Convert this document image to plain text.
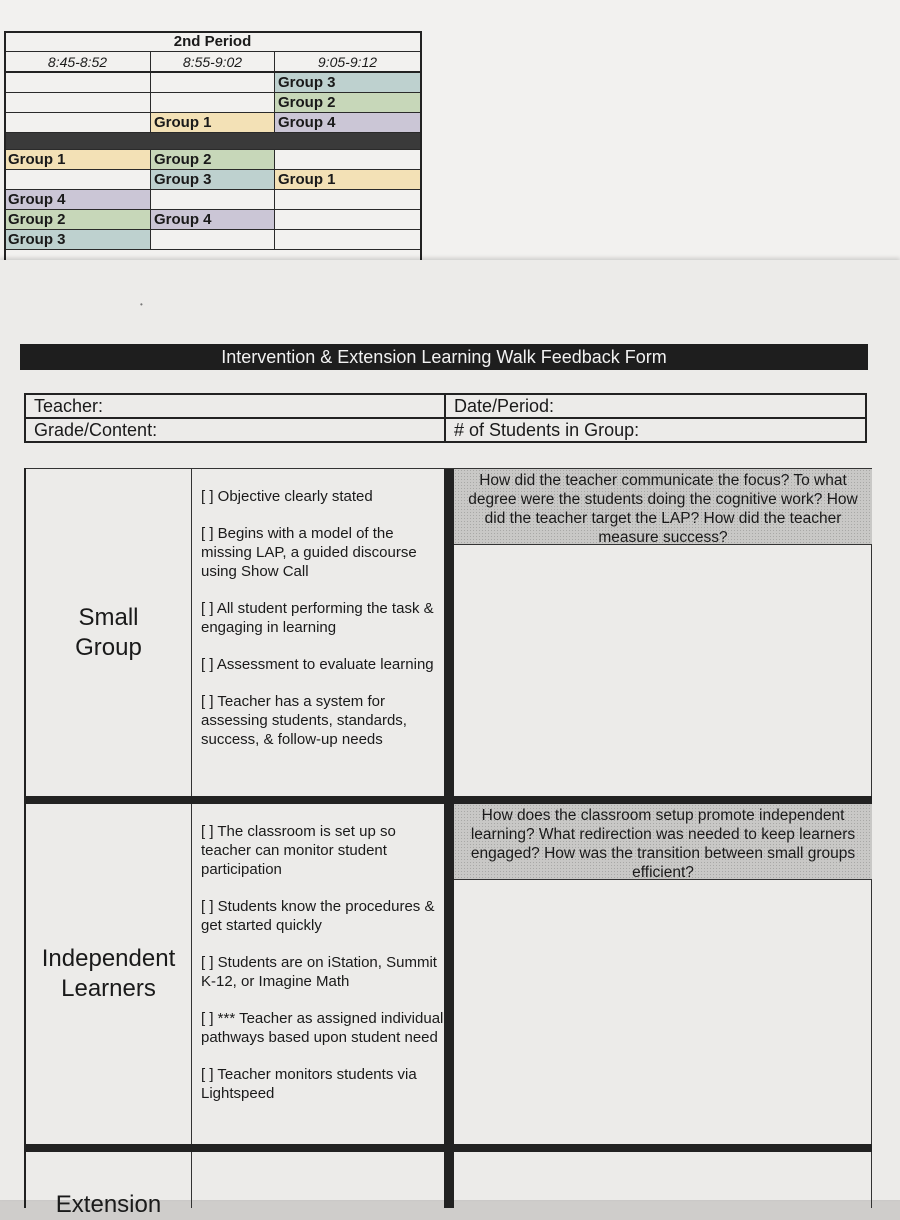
2nd Period		
8:45-8:52	8:55-9:02	9:05-9:12
		Group 3
		Group 2
	Group 1	Group 4

Group 1	Group 2	
	Group 3	Group 1
Group 4		
Group 2	Group 4	
Group 3		
•
Intervention & Extension Learning Walk Feedback Form
Teacher:	Date/Period:
Grade/Content:	# of Students in Group:
Small
Group
[ ] Objective clearly stated
[ ] Begins with a model of the missing LAP, a guided discourse using Show Call
[ ] All student performing the task & engaging in learning
[ ] Assessment to evaluate learning
[ ] Teacher has a system for assessing students, standards, success, & follow-up needs
How did the teacher communicate the focus? To what degree were the students doing the cognitive work? How did the teacher target the LAP? How did the teacher measure success?
Independent
Learners
[ ] The classroom is set up so teacher can monitor student participation
[ ] Students know the procedures & get started quickly
[ ] Students are on iStation, Summit K-12, or Imagine Math
[ ] *** Teacher as assigned individual pathways based upon student need
[ ] Teacher monitors students via Lightspeed
How does the classroom setup promote independent learning? What redirection was needed to keep learners engaged? How was the transition between small groups efficient?
Extension
